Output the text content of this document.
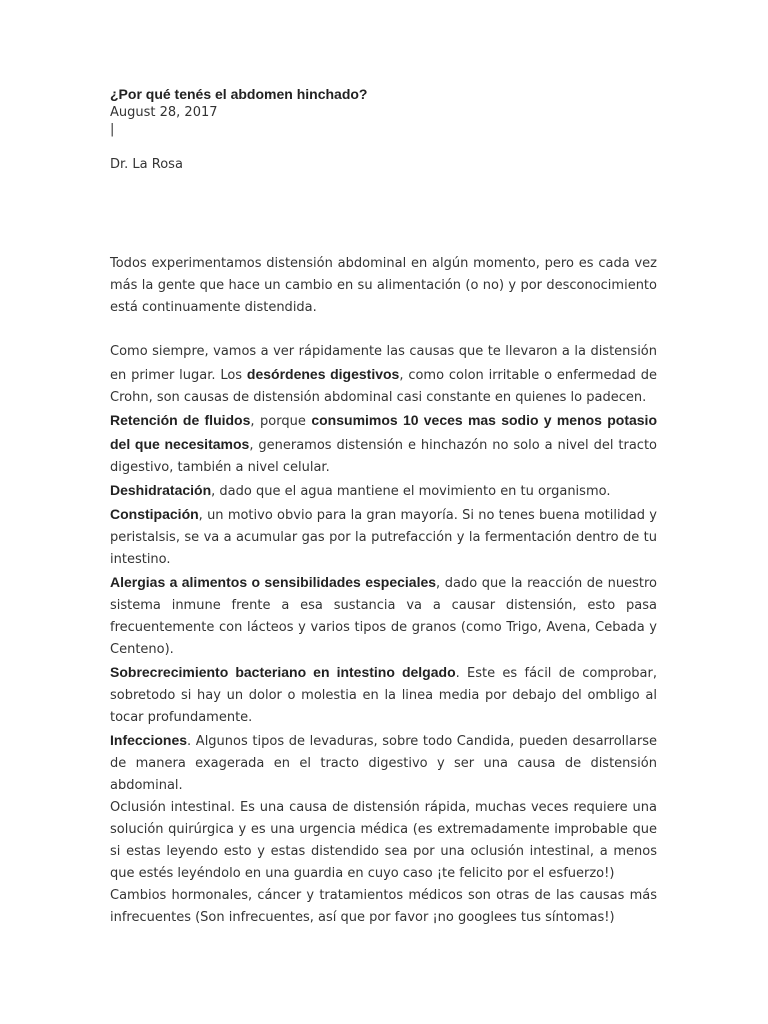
¿Por qué tenés el abdomen hinchado?
August 28, 2017
|
Dr. La Rosa

Todos experimentamos distensión abdominal en algún momento, pero es cada vez más la gente que hace un cambio en su alimentación (o no) y por desconocimiento está continuamente distendida.

Como siempre, vamos a ver rápidamente las causas que te llevaron a la distensión en primer lugar. Los desórdenes digestivos, como colon irritable o enfermedad de Crohn, son causas de distensión abdominal casi constante en quienes lo padecen.

Retención de fluidos, porque consumimos 10 veces mas sodio y menos potasio del que necesitamos, generamos distensión e hinchazón no solo a nivel del tracto digestivo, también a nivel celular.

Deshidratación, dado que el agua mantiene el movimiento en tu organismo.

Constipación, un motivo obvio para la gran mayoría. Si no tenes buena motilidad y peristalsis, se va a acumular gas por la putrefacción y la fermentación dentro de tu intestino.

Alergias a alimentos o sensibilidades especiales, dado que la reacción de nuestro sistema inmune frente a esa sustancia va a causar distensión, esto pasa frecuentemente con lácteos y varios tipos de granos (como Trigo, Avena, Cebada y Centeno).

Sobrecrecimiento bacteriano en intestino delgado. Este es fácil de comprobar, sobretodo si hay un dolor o molestia en la linea media por debajo del ombligo al tocar profundamente.

Infecciones. Algunos tipos de levaduras, sobre todo Candida, pueden desarrollarse de manera exagerada en el tracto digestivo y ser una causa de distensión abdominal.

Oclusión intestinal. Es una causa de distensión rápida, muchas veces requiere una solución quirúrgica y es una urgencia médica (es extremadamente improbable que si estas leyendo esto y estas distendido sea por una oclusión intestinal, a menos que estés leyéndolo en una guardia en cuyo caso ¡te felicito por el esfuerzo!)

Cambios hormonales, cáncer y tratamientos médicos son otras de las causas más infrecuentes (Son infrecuentes, así que por favor ¡no googlees tus síntomas!)
